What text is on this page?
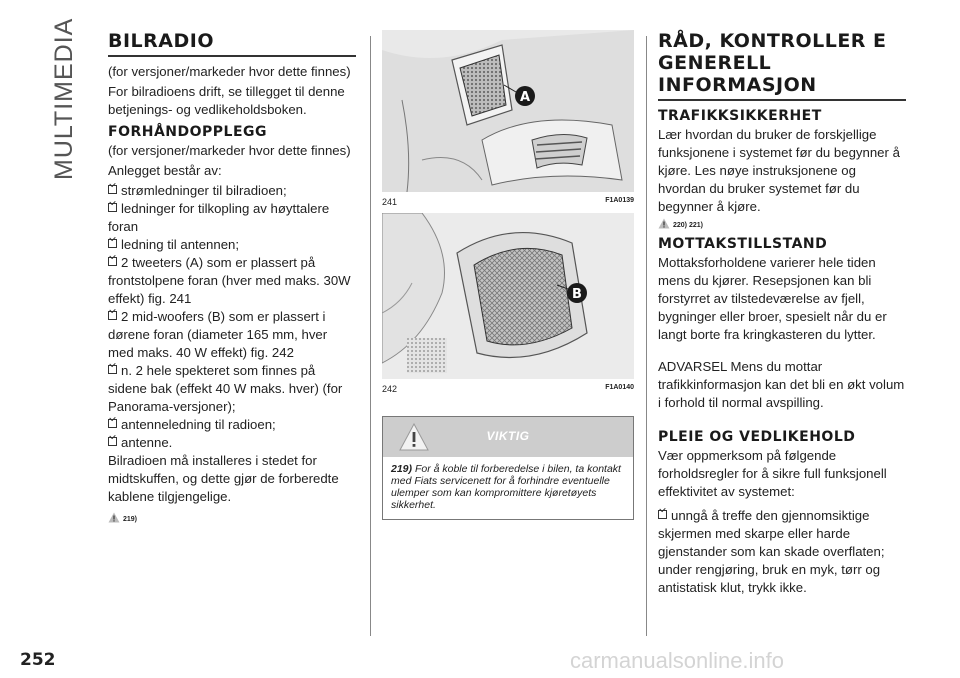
MULTIMEDIA BILRADIO

(for versjoner/markeder hvor dette finnes)

For bilradioens drift, se tillegget til denne betjenings- og vedlikeholdsboken.

FORHÅNDOPPLEGG

(for versjoner/markeder hvor dette finnes)

Anlegget består av:

strømledninger til bilradioen;
ledninger for tilkopling av høyttalere foran
ledning til antennen;
2 tweeters (A) som er plassert på frontstolpene foran (hver med maks. 30W effekt) fig. 241
2 mid-woofers (B) som er plassert i dørene foran (diameter 165 mm, hver med maks. 40 W effekt) fig. 242
n. 2 hele spekteret som finnes på sidene bak (effekt 40 W maks. hver) (for Panorama-versjoner);
antenneledning til radioen;
antenne.

Bilradioen må installeres i stedet for midtskuffen, og dette gjør de forberedte kablene tilgjengelige.

219)
A
241	F1A0139
B
242	F1A0140
VIKTIG
219) For å koble til forberedelse i bilen, ta kontakt med Fiats servicenett for å forhindre eventuelle ulemper som kan kompromittere kjøretøyets sikkerhet.
RÅD, KONTROLLER E GENERELL INFORMASJON
TRAFIKKSIKKERHET

Lær hvordan du bruker de forskjellige funksjonene i systemet før du begynner å kjøre. Les nøye instruksjonene og hvordan du bruker systemet før du begynner å kjøre.

220) 221)
MOTTAKSTILLSTAND

Mottaksforholdene varierer hele tiden mens du kjører. Resepsjonen kan bli forstyrret av tilstedeværelse av fjell, bygninger eller broer, spesielt når du er langt borte fra kringkasteren du lytter.

ADVARSEL Mens du mottar trafikkinformasjon kan det bli en økt volum i forhold til normal avspilling.

PLEIE OG VEDLIKEHOLD

Vær oppmerksom på følgende forholdsregler for å sikre full funksjonell effektivitet av systemet:

unngå å treffe den gjennomsiktige skjermen med skarpe eller harde gjenstander som kan skade overflaten; under rengjøring, bruk en myk, tørr og antistatisk klut, trykk ikke.
252	carmanualsonline.info
